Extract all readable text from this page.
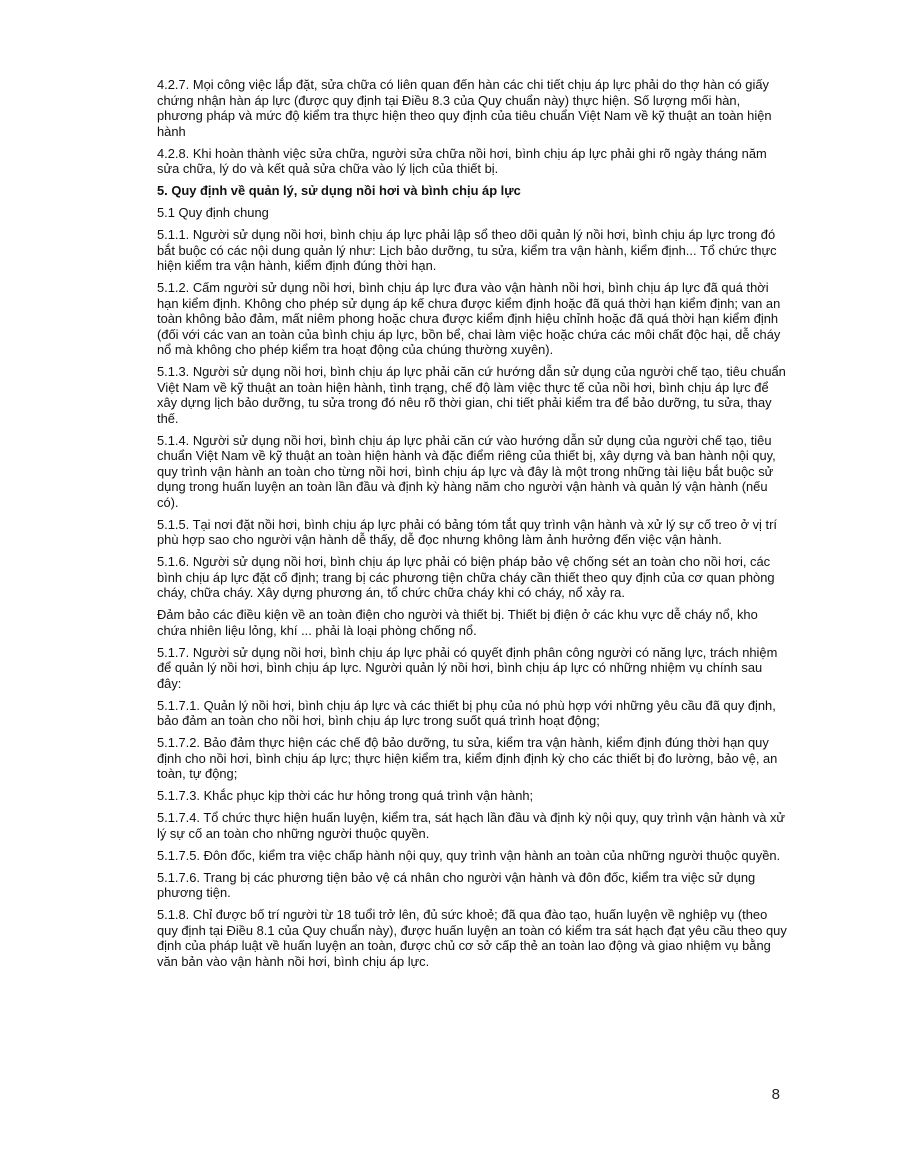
4.2.7. Mọi công việc lắp đặt, sửa chữa có liên quan đến hàn các chi tiết chịu áp lực phải do thợ hàn có giấy chứng nhận hàn áp lực (được quy định tại Điều 8.3 của Quy chuẩn này) thực hiện. Số lượng mối hàn, phương pháp và mức độ kiểm tra thực hiện theo quy định của tiêu chuẩn Việt Nam về kỹ thuật an toàn hiện hành

4.2.8. Khi hoàn thành việc sửa chữa, người sửa chữa nồi hơi, bình chịu áp lực phải ghi rõ ngày tháng năm sửa chữa, lý do và kết quả sửa chữa vào lý lịch của thiết bị.

5. Quy định về quản lý, sử dụng nồi hơi và bình chịu áp lực

5.1 Quy định chung

5.1.1. Người sử dụng nồi hơi, bình chịu áp lực phải lập sổ theo dõi quản lý nồi hơi, bình chịu áp lực trong đó bắt buộc có các nội dung quản lý như: Lịch bảo dưỡng, tu sửa, kiểm tra vận hành, kiểm định... Tổ chức thực hiện kiểm tra vận hành, kiểm định đúng thời hạn.

5.1.2. Cấm người sử dụng nồi hơi, bình chịu áp lực đưa vào vận hành nồi hơi, bình chịu áp lực đã quá thời hạn kiểm định. Không cho phép sử dụng áp kế chưa được kiểm định hoặc đã quá thời hạn kiểm định; van an toàn không bảo đảm, mất niêm phong hoặc chưa được kiểm định hiệu chỉnh hoặc đã quá thời hạn kiểm định (đối với các van an toàn của bình chịu áp lực, bồn bể, chai làm việc hoặc chứa các môi chất độc hại, dễ cháy nổ mà không cho phép kiểm tra hoạt động của chúng thường xuyên).

5.1.3. Người sử dụng nồi hơi, bình chịu áp lực phải căn cứ hướng dẫn sử dụng của người chế tạo, tiêu chuẩn Việt Nam về kỹ thuật an toàn hiện hành, tình trạng, chế độ làm việc thực tế của nồi hơi, bình chịu áp lực để xây dựng lịch bảo dưỡng, tu sửa trong đó nêu rõ thời gian, chi tiết phải kiểm tra để bảo dưỡng, tu sửa, thay thế.

5.1.4. Người sử dụng nồi hơi, bình chịu áp lực phải căn cứ vào hướng dẫn sử dụng của người chế tạo, tiêu chuẩn Việt Nam về kỹ thuật an toàn hiện hành và đặc điểm riêng của thiết bị, xây dựng và ban hành nội quy, quy trình vận hành an toàn cho từng nồi hơi, bình chịu áp lực và đây là một trong những tài liệu bắt buộc sử dụng trong huấn luyện an toàn lần đầu và định kỳ hàng năm cho người vận hành và quản lý vận hành (nếu có).

5.1.5. Tại nơi đặt nồi hơi, bình chịu áp lực phải có bảng tóm tắt quy trình vận hành và xử lý sự cố treo ở vị trí phù hợp sao cho người vận hành dễ thấy, dễ đọc nhưng không làm ảnh hưởng đến việc vận hành.

5.1.6. Người sử dụng nồi hơi, bình chịu áp lực phải có biện pháp bảo vệ chống sét an toàn cho nồi hơi, các bình chịu áp lực đặt cố định; trang bị các phương tiện chữa cháy cần thiết theo quy định của cơ quan phòng cháy, chữa cháy. Xây dựng phương án, tổ chức chữa cháy khi có cháy, nổ xảy ra.

Đảm bảo các điều kiện về an toàn điện cho người và thiết bị. Thiết bị điện ở các khu vực dễ cháy nổ, kho chứa nhiên liệu lỏng, khí ... phải là loại phòng chống nổ.

5.1.7. Người sử dụng nồi hơi, bình chịu áp lực phải có quyết định phân công người có năng lực, trách nhiệm để quản lý nồi hơi, bình chịu áp lực. Người quản lý nồi hơi, bình chịu áp lực có những nhiệm vụ chính sau đây:

5.1.7.1. Quản lý nồi hơi, bình chịu áp lực và các thiết bị phụ của nó phù hợp với những yêu cầu đã quy định, bảo đảm an toàn cho nồi hơi, bình chịu áp lực trong suốt quá trình hoạt động;

5.1.7.2. Bảo đảm thực hiện các chế độ bảo dưỡng, tu sửa, kiểm tra vận hành, kiểm định đúng thời hạn quy định cho nồi hơi, bình chịu áp lực; thực hiện kiểm tra, kiểm định định kỳ cho các thiết bị đo lường, bảo vệ, an toàn, tự động;

5.1.7.3. Khắc phục kịp thời các hư hỏng trong quá trình vận hành;

5.1.7.4. Tổ chức thực hiện huấn luyện, kiểm tra, sát hạch lần đầu và định kỳ nội quy, quy trình vận hành và xử lý sự cố an toàn cho những người thuộc quyền.

5.1.7.5. Đôn đốc, kiểm tra việc chấp hành nội quy, quy trình vận hành an toàn của những người thuộc quyền.

5.1.7.6. Trang bị các phương tiện bảo vệ cá nhân cho người vận hành và đôn đốc, kiểm tra việc sử dụng phương tiện.

5.1.8. Chỉ được bố trí người từ 18 tuổi trở lên, đủ sức khoẻ; đã qua đào tạo, huấn luyện về nghiệp vụ (theo quy định tại Điều 8.1 của Quy chuẩn này), được huấn luyện an toàn có kiểm tra sát hạch đạt yêu cầu theo quy định của pháp luật về huấn luyện an toàn, được chủ cơ sở cấp thẻ an toàn lao động và giao nhiệm vụ bằng văn bản vào vận hành nồi hơi, bình chịu áp lực.

8
